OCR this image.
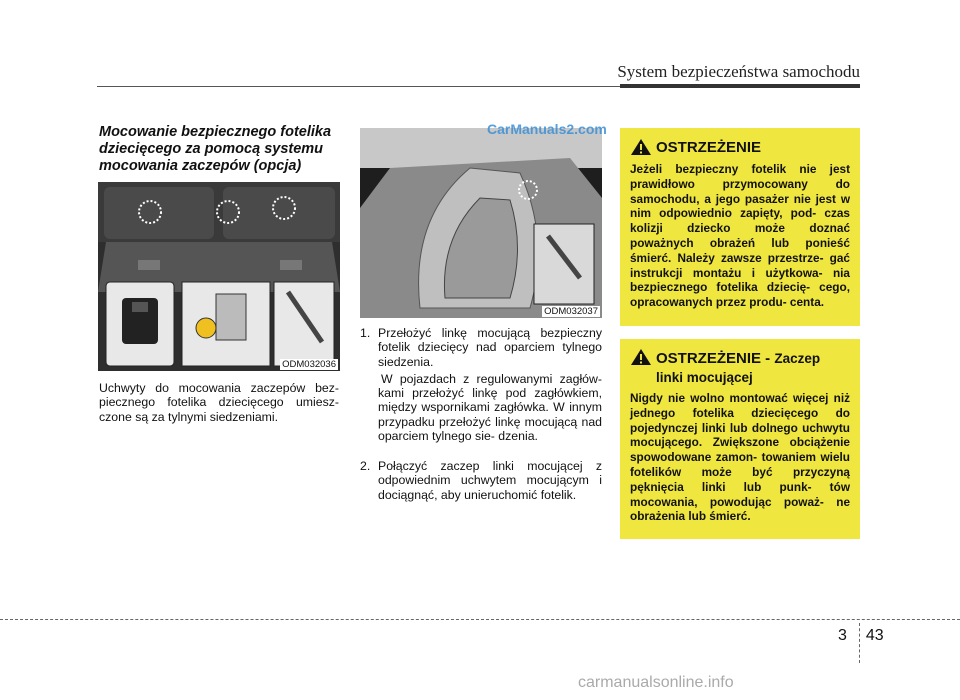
System bezpieczeństwa samochodu
Mocowanie bezpiecznego fotelika dziecięcego za pomocą systemu mocowania zaczepów (opcja)
ODM032036
Uchwyty do mocowania zaczepów bez- piecznego fotelika dziecięcego umiesz- czone są za tylnymi siedzeniami.
ODM032037
CarManuals2.com
1. Przełożyć linkę mocującą bezpieczny fotelik dziecięcy nad oparciem tylnego siedzenia.
W pojazdach z regulowanymi zagłów- kami przełożyć linkę pod zagłówkiem, między wspornikami zagłówka. W innym przypadku przełożyć linkę mocującą nad oparciem tylnego sie- dzenia.
2. Połączyć zaczep linki mocującej z odpowiednim uchwytem mocującym i dociągnąć, aby unieruchomić fotelik.
OSTRZEŻENIE
Jeżeli bezpieczny fotelik nie jest prawidłowo przymocowany do samochodu, a jego pasażer nie jest w nim odpowiednio zapięty, pod- czas kolizji dziecko może doznać poważnych obrażeń lub ponieść śmierć. Należy zawsze przestrze- gać instrukcji montażu i użytkowa- nia bezpiecznego fotelika dziecię- cego, opracowanych przez produ- centa.
OSTRZEŻENIE - Zaczep
linki mocującej
Nigdy nie wolno montować więcej niż jednego fotelika dziecięcego do pojedynczej linki lub dolnego uchwytu mocującego. Zwiększone obciążenie spowodowane zamon- towaniem wielu fotelików może być przyczyną pęknięcia linki lub punk- tów mocowania, powodując poważ- ne obrażenia lub śmierć.
3 43
carmanualsonline.info
